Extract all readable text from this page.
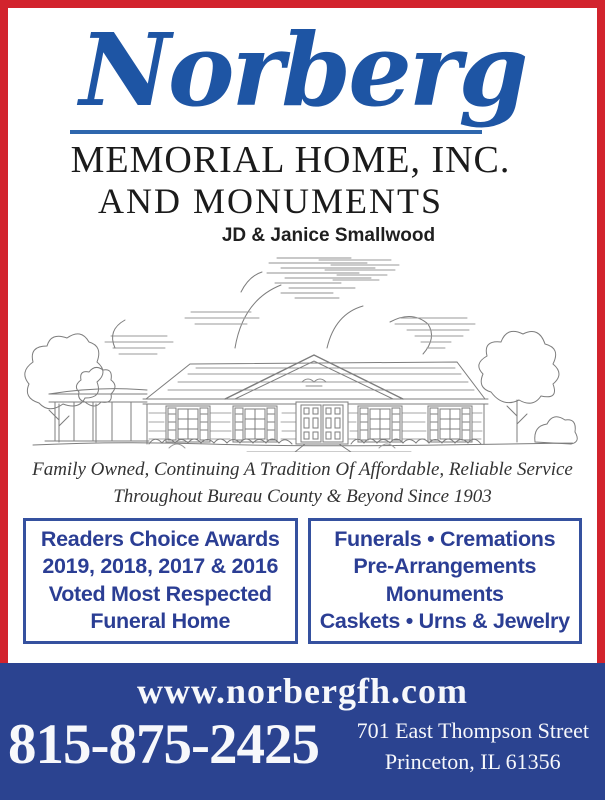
Norberg
MEMORIAL HOME, INC.
AND MONUMENTS
JD & Janice Smallwood
Family Owned, Continuing A Tradition Of Affordable, Reliable Service
Throughout Bureau County & Beyond Since 1903
Readers Choice Awards
2019, 2018, 2017 & 2016
Voted Most Respected
Funeral Home
Funerals • Cremations
Pre-Arrangements
Monuments
Caskets • Urns & Jewelry
www.norbergfh.com
815-875-2425 701 East Thompson Street
Princeton, IL 61356
